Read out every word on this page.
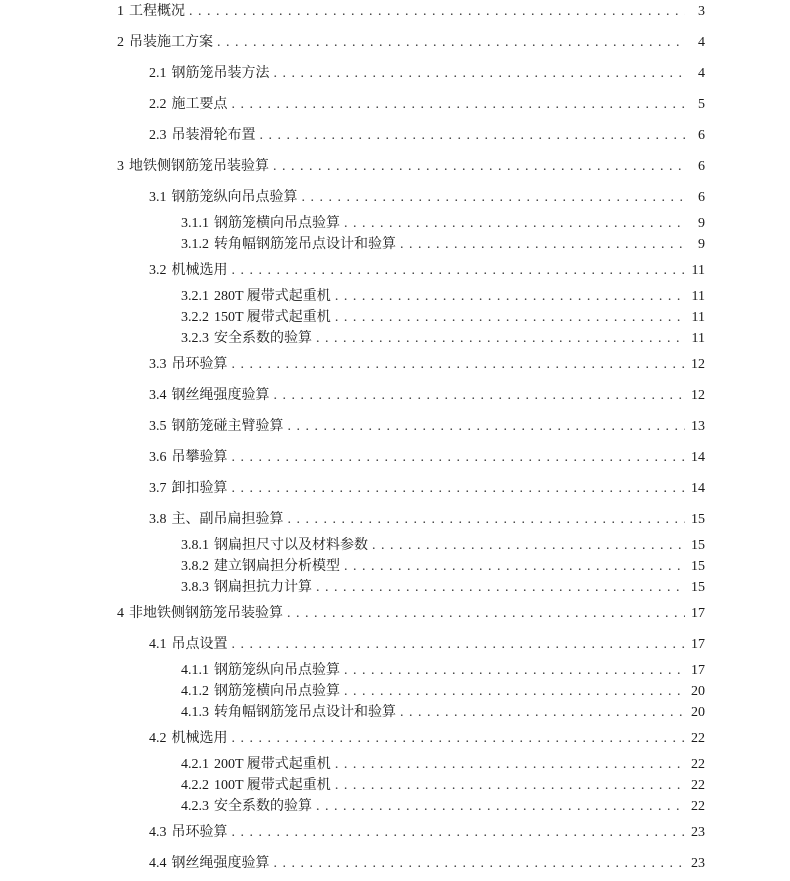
1 工程概况 . . .	3
2 吊装施工方案 . . .	4
2.1 钢筋笼吊装方法 . . .	4
2.2 施工要点 . . .	5
2.3 吊装滑轮布置 . . .	6
3 地铁侧钢筋笼吊装验算 . . .	6
3.1 钢筋笼纵向吊点验算 . . .	6
3.1.1 钢筋笼横向吊点验算 . . .	9
3.1.2 转角幅钢筋笼吊点设计和验算 . . .	9
3.2 机械选用 . . .	11
3.2.1 280T 履带式起重机 . . .	11
3.2.2 150T 履带式起重机 . . .	11
3.2.3 安全系数的验算 . . .	11
3.3 吊环验算 . . .	12
3.4 钢丝绳强度验算 . . .	12
3.5 钢筋笼碰主臂验算 . . .	13
3.6 吊攀验算 . . .	14
3.7 卸扣验算 . . .	14
3.8 主、副吊扁担验算 . . .	15
3.8.1 钢扁担尺寸以及材料参数 . . .	15
3.8.2 建立钢扁担分析模型 . . .	15
3.8.3 钢扁担抗力计算 . . .	15
4 非地铁侧钢筋笼吊装验算 . . .	17
4.1 吊点设置 . . .	17
4.1.1 钢筋笼纵向吊点验算 . . .	17
4.1.2 钢筋笼横向吊点验算 . . .	20
4.1.3 转角幅钢筋笼吊点设计和验算 . . .	20
4.2 机械选用 . . .	22
4.2.1 200T 履带式起重机 . . .	22
4.2.2 100T 履带式起重机 . . .	22
4.2.3 安全系数的验算 . . .	22
4.3 吊环验算 . . .	23
4.4 钢丝绳强度验算 . . .	23
